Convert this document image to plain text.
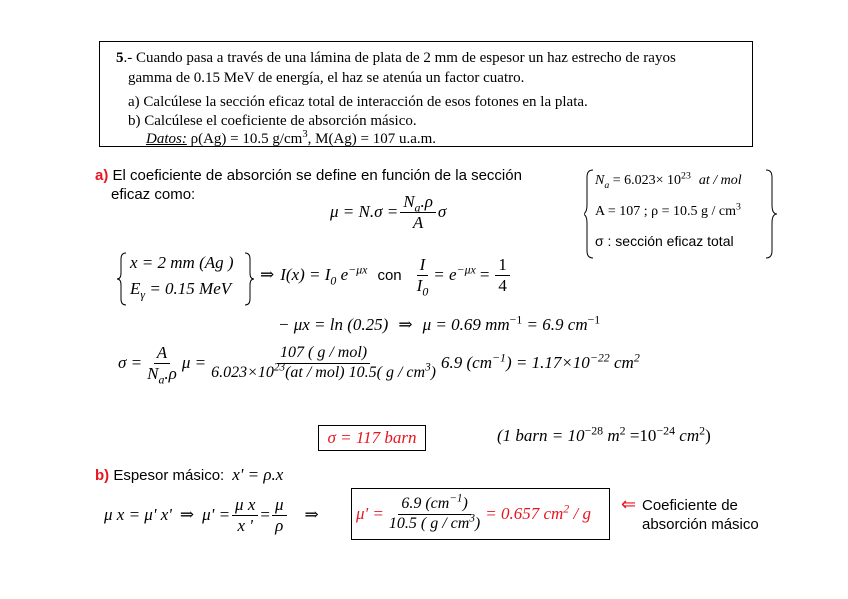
5.- Cuando pasa a través de una lámina de plata de 2 mm de espesor un haz estrecho de rayos
gamma de 0.15 MeV de energía, el haz se atenúa un factor cuatro.
a) Calcúlese la sección eficaz total de interacción de esos fotones en la plata.
b) Calcúlese el coeficiente de absorción másico.
Datos: ρ(Ag) = 10.5 $g/cm^3$, M(Ag) = 107 u.a.m.
a) El coeficiente de absorción se define en función de la sección
eficaz como:
$\mu = N.\sigma = \frac{N_a.\rho}{A}$ σ
$N_a = 6.023\times 10^{23}$ at / mol
A = 107 ; ρ = 10.5 g / $cm^3$
σ : sección eficaz total
x = 2 mm (Ag )
$E_\gamma = 0.15$ MeV
⇒ $I(x) = I_0$ $e^{-\mu x}$ con $\frac{I}{I_0} = e^{-\mu x} = \frac{1}{4}$
− μx = ln (0.25) ⇒ μ = 0.69 $mm^{-1} = 6.9$ $cm^{-1}$
$\sigma = \frac{A}{N_a.\rho}$ $\mu = \frac{\text{107 ( g / mol)}}{6.023\times 10^{23}(at / mol) 10.5( g / cm^3)} 6.9$ $(cm^{-1}) = 1.17\times 10^{-22}$ $cm^2$
σ = 117 barn	(1 barn = $10^{-28}$ $m^2 =10^{-24}$ $cm^2$)
b) Espesor másico: x' = ρ.x
μ x = μ' x' ⇒ $\mu' = \frac{\text{μ x}}{x '} = \frac{\mu}{\rho}$ ⇒ $\mu' = \frac{6.9 (cm^{-1})}{10.5 ( g / cm^3)} = 0.657$ $cm^2$ / g ⇐ Coeficiente de
absorción másico
